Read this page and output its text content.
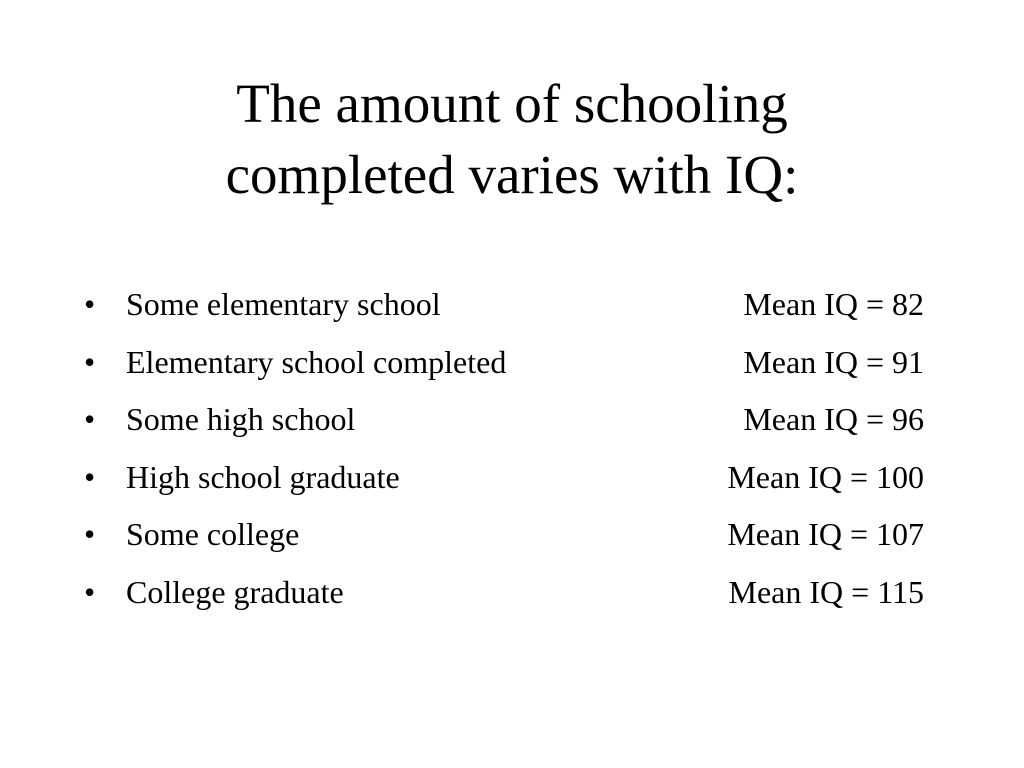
The amount of schooling
completed varies with IQ:
• Some elementary school	Mean IQ = 82
• Elementary school completed	Mean IQ = 91
• Some high school	Mean IQ = 96
• High school graduate	Mean IQ = 100
• Some college	Mean IQ = 107
• College graduate	Mean IQ = 115
